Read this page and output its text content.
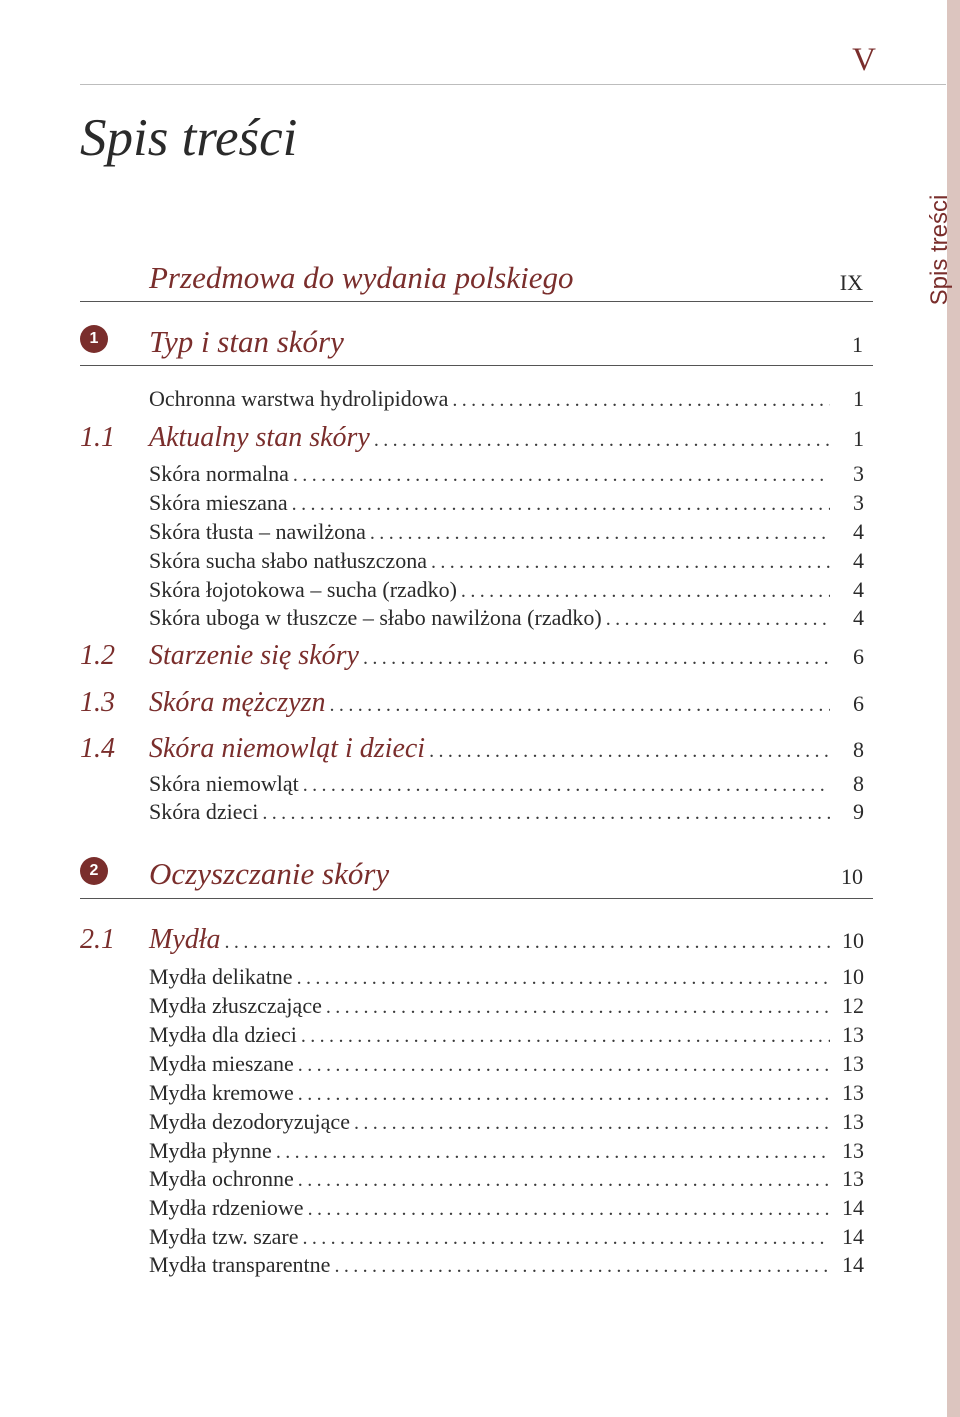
Spis treści
V
Spis treści
Przedmowa do wydania polskiego	IX
1	Typ i stan skóry	1
Ochronna warstwa hydrolipidowa .....	1
1.1	Aktualny stan skóry .....	1
Skóra normalna .....	3
Skóra mieszana .....	3
Skóra tłusta – nawilżona .....	4
Skóra sucha słabo natłuszczona .....	4
Skóra łojotokowa – sucha (rzadko) .....	4
Skóra uboga w tłuszcze – słabo nawilżona (rzadko) .....	4
1.2	Starzenie się skóry .....	6
1.3	Skóra mężczyzn .....	6
1.4	Skóra niemowląt i dzieci .....	8
Skóra niemowląt .....	8
Skóra dzieci .....	9
2	Oczyszczanie skóry	10
2.1	Mydła .....	10
Mydła delikatne .....	10
Mydła złuszczające .....	12
Mydła dla dzieci .....	13
Mydła mieszane .....	13
Mydła kremowe .....	13
Mydła dezodoryzujące .....	13
Mydła płynne .....	13
Mydła ochronne .....	13
Mydła rdzeniowe .....	14
Mydła tzw. szare .....	14
Mydła transparentne .....	14
